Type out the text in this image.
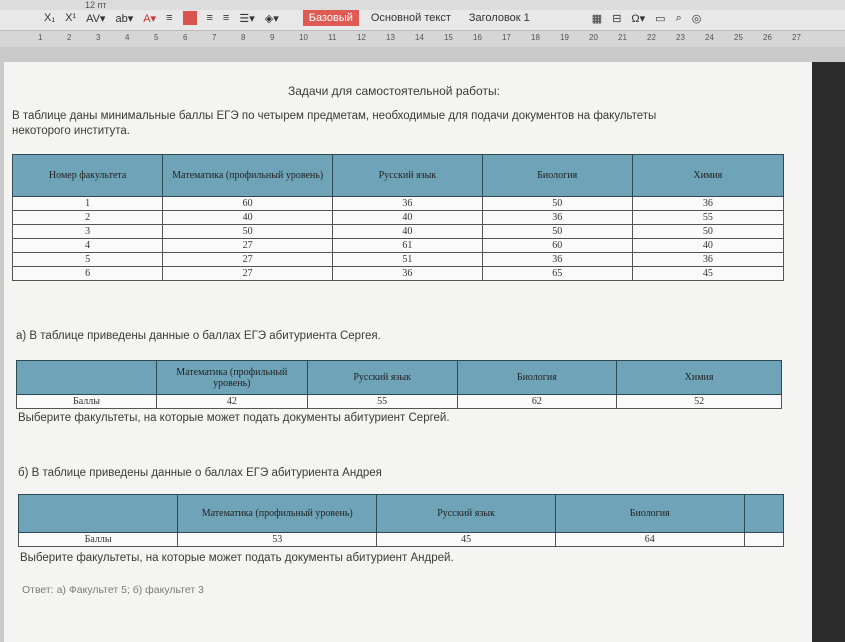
12 пт
X₁ X¹ AV▾ ab▾ A▾ ≡	≡ ≡ ☰▾ ◈▾	Базовый	Основной текст	Заголовок 1	▦ ⊟ Ω▾ ▭ ⌕ ◎
1	2	3	4	5	6	7	8	9	10	11	12	13	14	15	16	17	18	19	20	21	22	23	24	25	26	27
Задачи для самостоятельной работы:
В таблице даны минимальные баллы ЕГЭ по четырем предметам, необходимые для подачи документов на факультеты
некоторого института.
Номер факультета	Математика (профильный уровень)	Русский язык	Биология	Химия
1	60	36	50	36
2	40	40	36	55
3	50	40	50	50
4	27	61	60	40
5	27	51	36	36
6	27	36	65	45
а) В таблице приведены данные о баллах ЕГЭ абитуриента Сергея.
	Математика (профильный уровень)	Русский язык	Биология	Химия
Баллы	42	55	62	52
Выберите факультеты, на которые может подать документы абитуриент Сергей.
б) В таблице приведены данные о баллах ЕГЭ абитуриента Андрея
	Математика (профильный уровень)	Русский язык	Биология	
Баллы	53	45	64	
Выберите факультеты, на которые может подать документы абитуриент Андрей.
Ответ: а) Факультет 5; б) факультет 3
